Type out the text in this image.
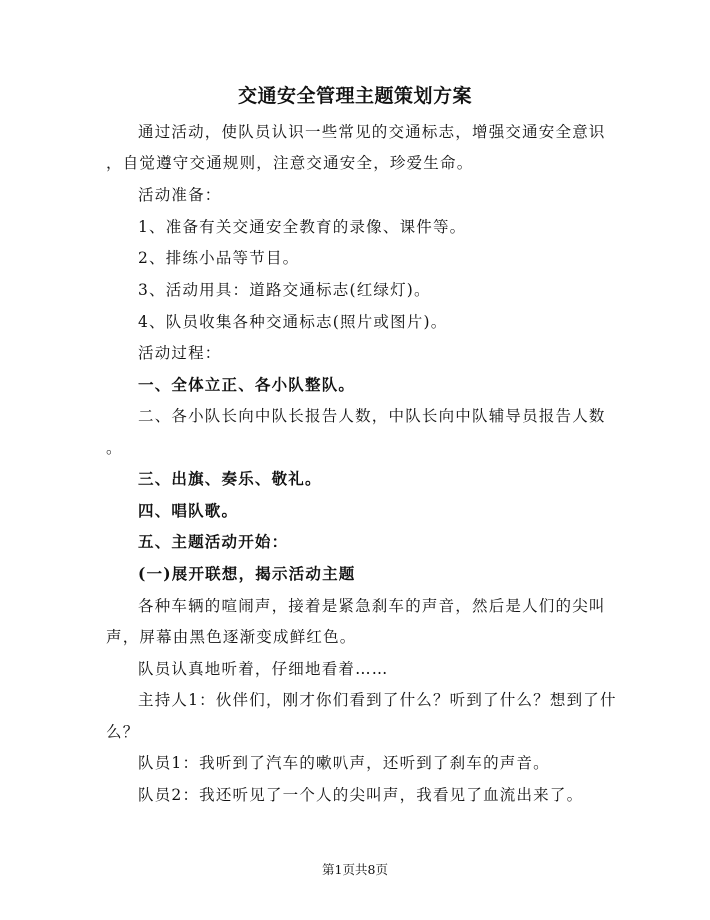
交通安全管理主题策划方案
通过活动，使队员认识一些常见的交通标志，增强交通安全意识
，自觉遵守交通规则，注意交通安全，珍爱生命。
活动准备：
1、准备有关交通安全教育的录像、课件等。
2、排练小品等节目。
3、活动用具：道路交通标志(红绿灯)。
4、队员收集各种交通标志(照片或图片)。
活动过程：
一、全体立正、各小队整队。
二、各小队长向中队长报告人数，中队长向中队辅导员报告人数
。
三、出旗、奏乐、敬礼。
四、唱队歌。
五、主题活动开始：
(一)展开联想，揭示活动主题
各种车辆的喧闹声，接着是紧急刹车的声音，然后是人们的尖叫
声，屏幕由黑色逐渐变成鲜红色。
队员认真地听着，仔细地看着……
主持人1：伙伴们，刚才你们看到了什么？听到了什么？想到了什
么？
队员1：我听到了汽车的嗽叭声，还听到了刹车的声音。
队员2：我还听见了一个人的尖叫声，我看见了血流出来了。
第1页共8页
